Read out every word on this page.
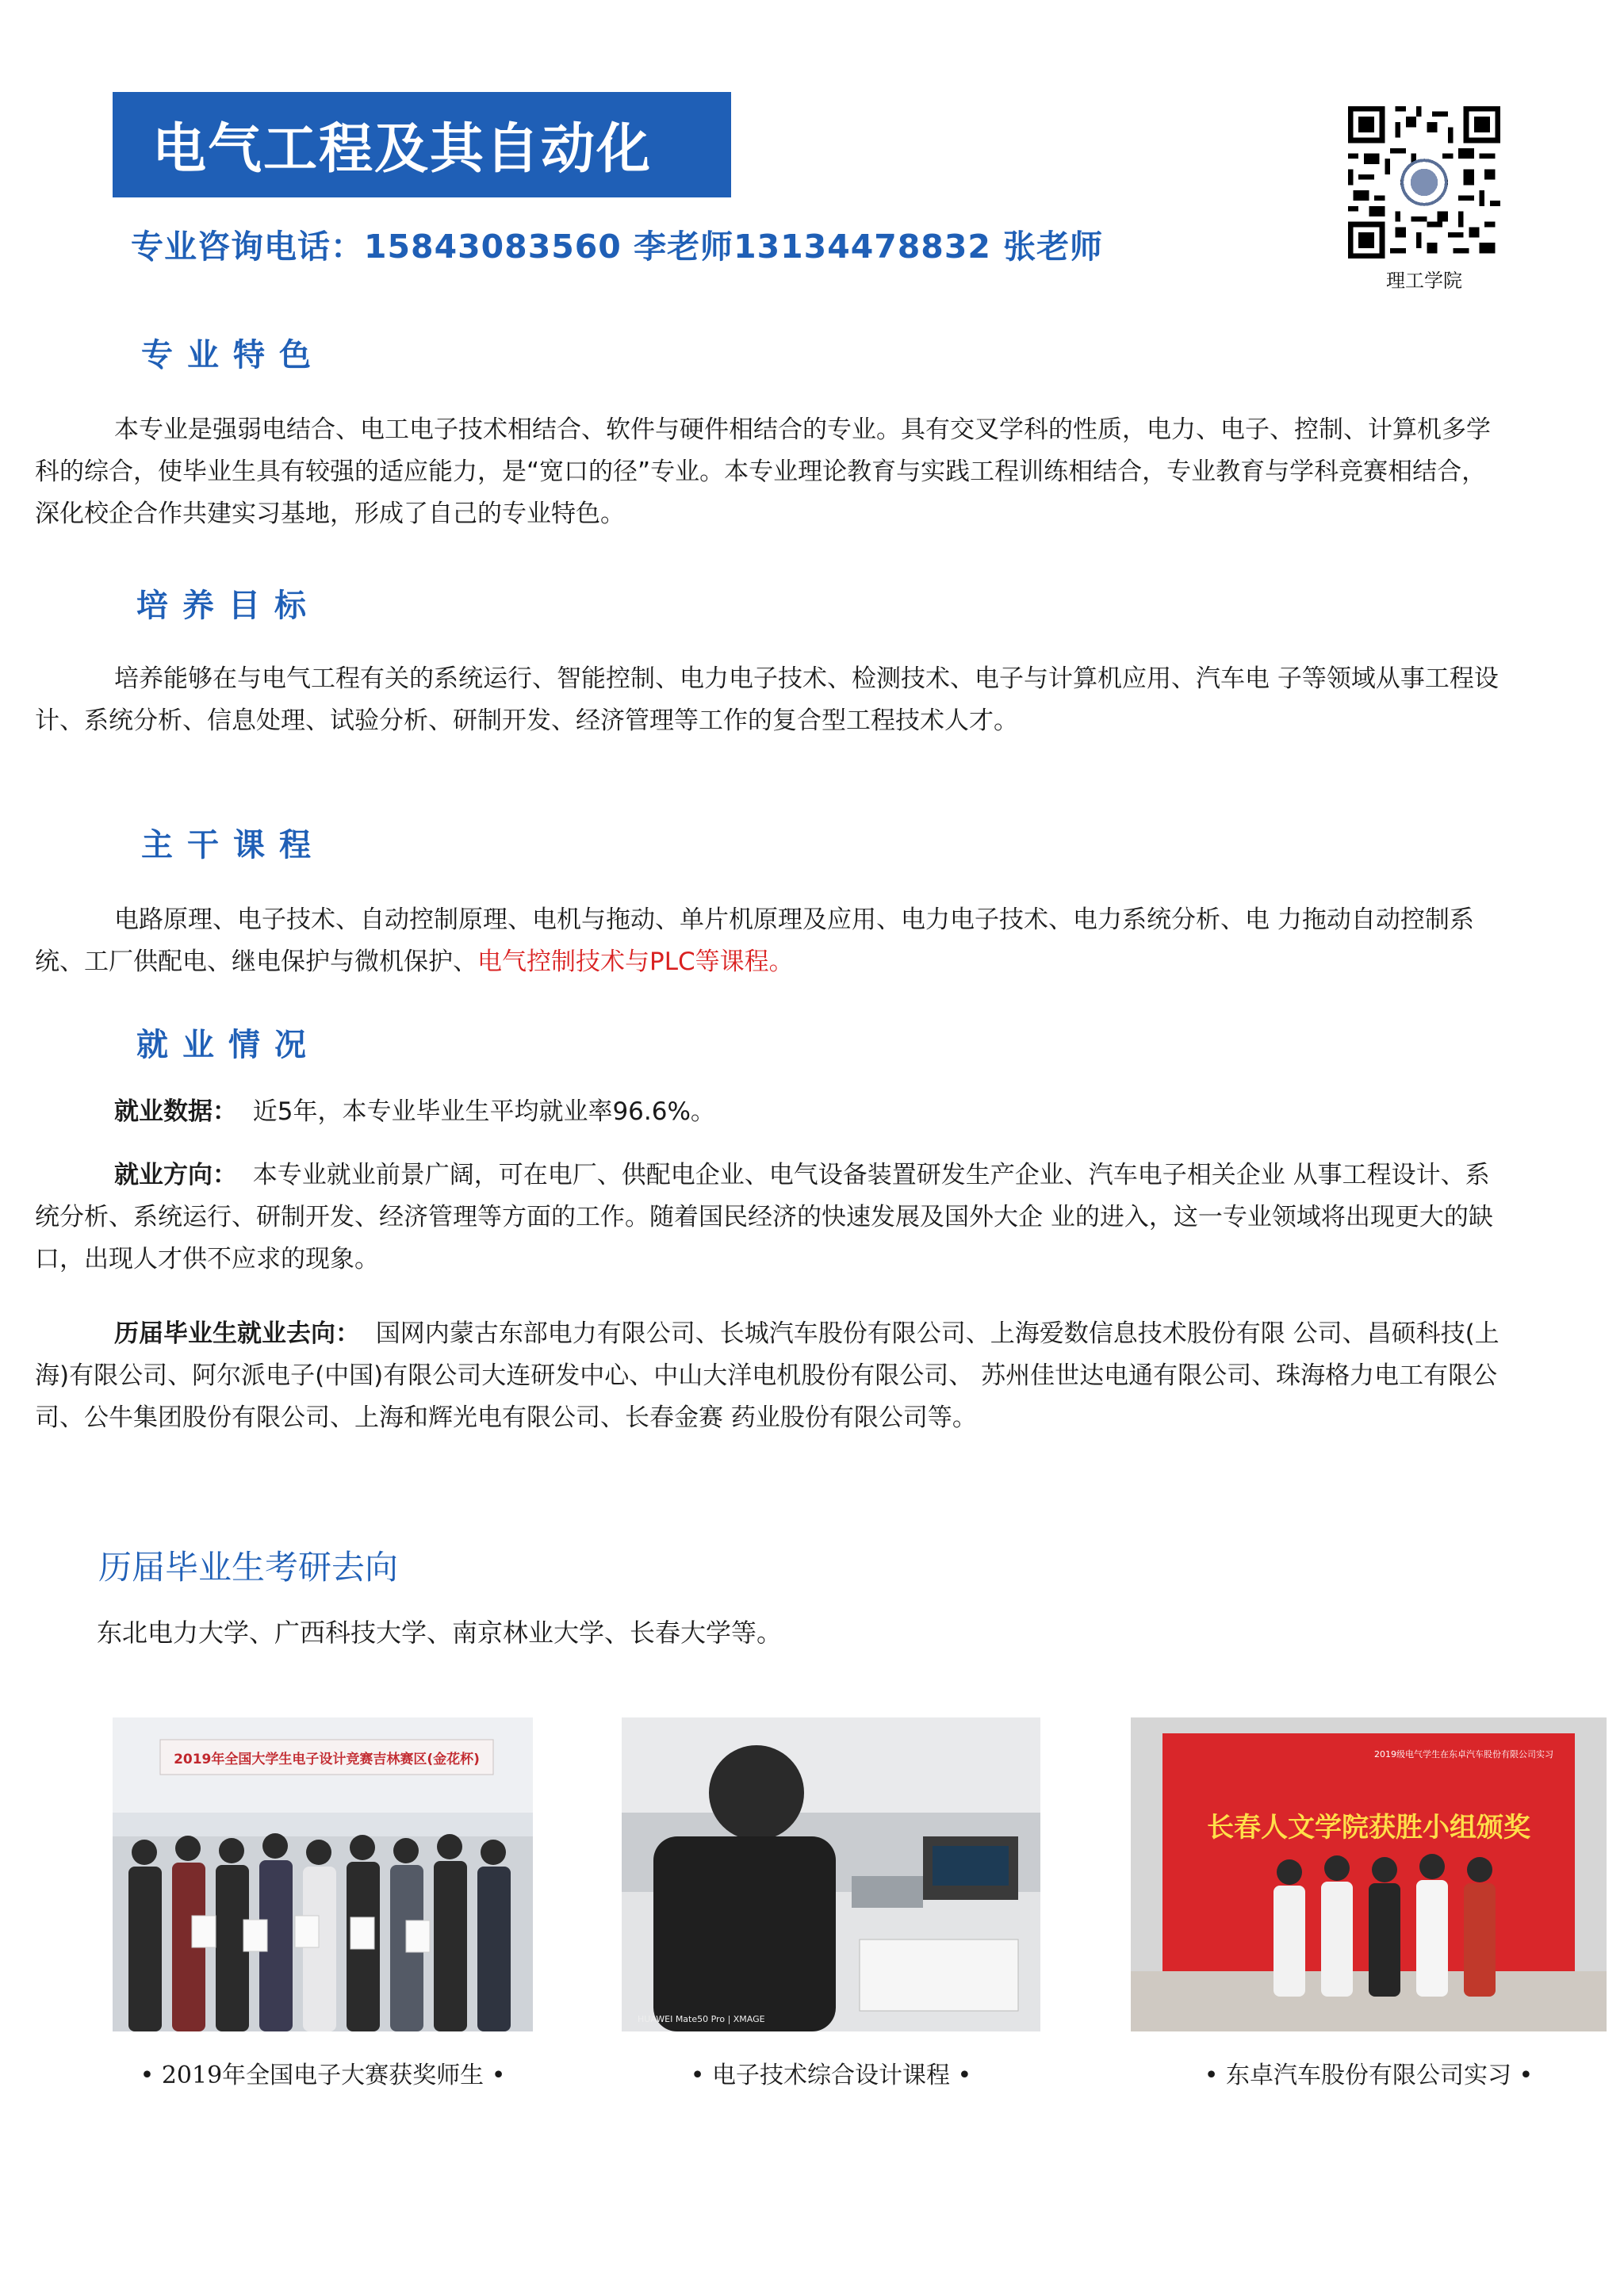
电气工程及其自动化
专业咨询电话：15843083560 李老师13134478832 张老师
理工学院
专业特色
本专业是强弱电结合、电工电子技术相结合、软件与硬件相结合的专业。具有交叉学科的性质，电力、电子、控制、计算机多学科的综合，使毕业生具有较强的适应能力，是“宽口的径”专业。本专业理论教育与实践工程训练相结合，专业教育与学科竞赛相结合，深化校企合作共建实习基地，形成了自己的专业特色。
培养目标
培养能够在与电气工程有关的系统运行、智能控制、电力电子技术、检测技术、电子与计算机应用、汽车电 子等领域从事工程设计、系统分析、信息处理、试验分析、研制开发、经济管理等工作的复合型工程技术人才。
主干课程
电路原理、电子技术、自动控制原理、电机与拖动、单片机原理及应用、电力电子技术、电力系统分析、电 力拖动自动控制系统、工厂供配电、继电保护与微机保护、电气控制技术与PLC等课程。
就业情况
就业数据： 近5年，本专业毕业生平均就业率96.6%。
就业方向： 本专业就业前景广阔，可在电厂、供配电企业、电气设备装置研发生产企业、汽车电子相关企业 从事工程设计、系统分析、系统运行、研制开发、经济管理等方面的工作。随着国民经济的快速发展及国外大企 业的进入，这一专业领域将出现更大的缺口，出现人才供不应求的现象。
历届毕业生就业去向： 国网内蒙古东部电力有限公司、长城汽车股份有限公司、上海爱数信息技术股份有限 公司、昌硕科技(上海)有限公司、阿尔派电子(中国)有限公司大连研发中心、中山大洋电机股份有限公司、 苏州佳世达电通有限公司、珠海格力电工有限公司、公牛集团股份有限公司、上海和辉光电有限公司、长春金赛 药业股份有限公司等。
历届毕业生考研去向
东北电力大学、广西科技大学、南京林业大学、长春大学等。
2019年全国大学生电子设计竞赛吉林赛区(金花杯)
• 2019年全国电子大赛获奖师生 •
HUAWEI Mate50 Pro | XMAGE
• 电子技术综合设计课程 •
2019级电气学生在东卓汽车股份有限公司实习
长春人文学院获胜小组颁奖
• 东卓汽车股份有限公司实习 •
